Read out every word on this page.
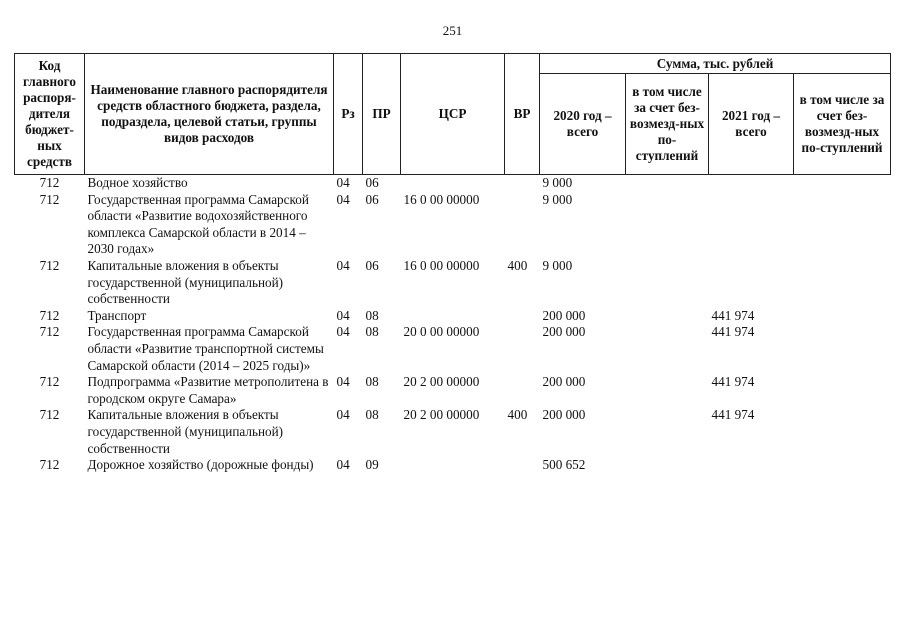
251
Код главного распоря-дителя бюджет-ных средств	Наименование главного распорядителя средств областного бюджета, раздела, подраздела, целевой статьи, группы видов расходов	Рз	ПР	ЦСР	ВР	Сумма, тыс. рублей			
						2020 год – всего	в том числе за счет без-возмезд-ных по-ступлений	2021 год – всего	в том числе за счет без-возмезд-ных по-ступлений
712	Водное хозяйство	04	06			9 000			
712	Государственная программа Самарской области «Развитие водохозяйственного комплекса Самарской области в 2014 – 2030 годах»	04	06	16 0 00 00000		9 000			
712	Капитальные вложения в объекты государственной (муниципальной) собственности	04	06	16 0 00 00000	400	9 000			
712	Транспорт	04	08			200 000		441 974	
712	Государственная программа Самарской области «Развитие транспортной системы Самарской области (2014 – 2025 годы)»	04	08	20 0 00 00000		200 000		441 974	
712	Подпрограмма «Развитие метрополитена в городском округе Самара»	04	08	20 2 00 00000		200 000		441 974	
712	Капитальные вложения в объекты государственной (муниципальной) собственности	04	08	20 2 00 00000	400	200 000		441 974	
712	Дорожное хозяйство (дорожные фонды)	04	09			500 652			
